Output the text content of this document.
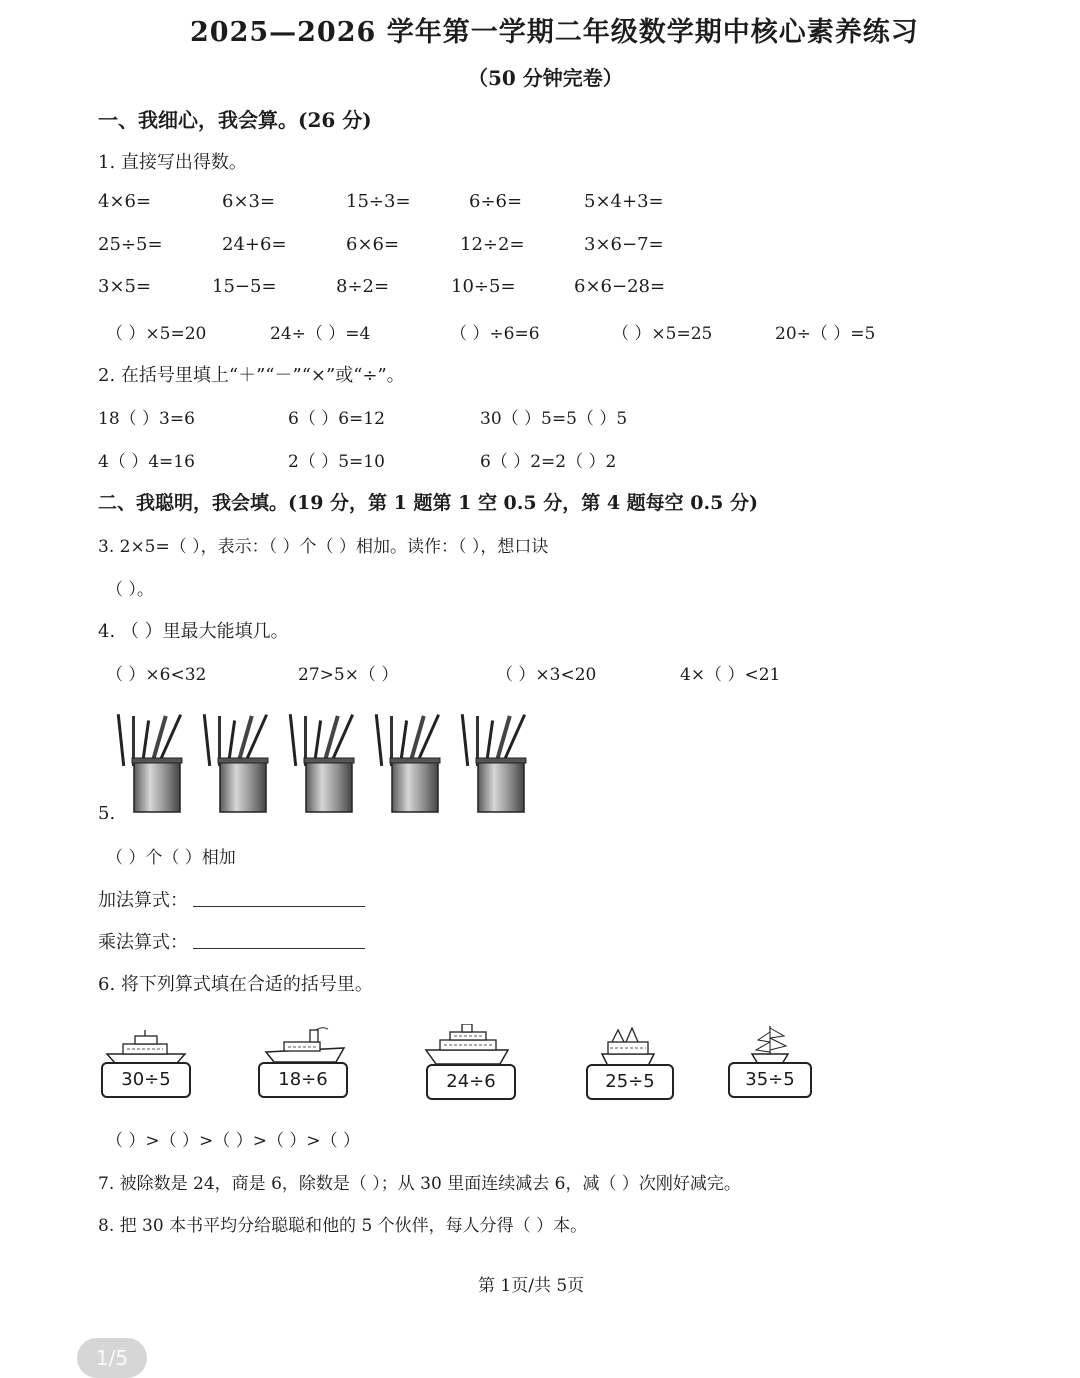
2025—2026 学年第一学期二年级数学期中核心素养练习
（50 分钟完卷）
一、我细心，我会算。(26 分)
1. 直接写出得数。
4×6=	6×3=	15÷3=	6÷6=	5×4+3=
25÷5=	24+6=	6×6=	12÷2=	3×6−7=
3×5=	15−5=	8÷2=	10÷5=	6×6−28=
（ ）×5=20	24÷（ ）=4	（ ）÷6=6	（ ）×5=25	20÷（ ）=5
2. 在括号里填上“＋”“－”“×”或“÷”。
18（ ）3=6	6（ ）6=12	30（ ）5=5（ ）5
4（ ）4=16	2（ ）5=10	6（ ）2=2（ ）2
二、我聪明，我会填。(19 分，第 1 题第 1 空 0.5 分，第 4 题每空 0.5 分)
3. 2×5=（ ），表示：（ ）个（ ）相加。读作：（ ），想口诀
（ ）。
4. （ ）里最大能填几。
（ ）×6<32	27>5×（ ）	（ ）×3<20	4×（ ）<21
5.
（ ）个（ ）相加
加法算式：
乘法算式：
6. 将下列算式填在合适的括号里。
30÷5	18÷6	24÷6	25÷5	35÷5
（ ）>（ ）>（ ）>（ ）>（ ）
7. 被除数是 24，商是 6，除数是（ ）；从 30 里面连续减去 6，减（ ）次刚好减完。
8. 把 30 本书平均分给聪聪和他的 5 个伙伴，每人分得（ ）本。
第 1页/共 5页
1/5
